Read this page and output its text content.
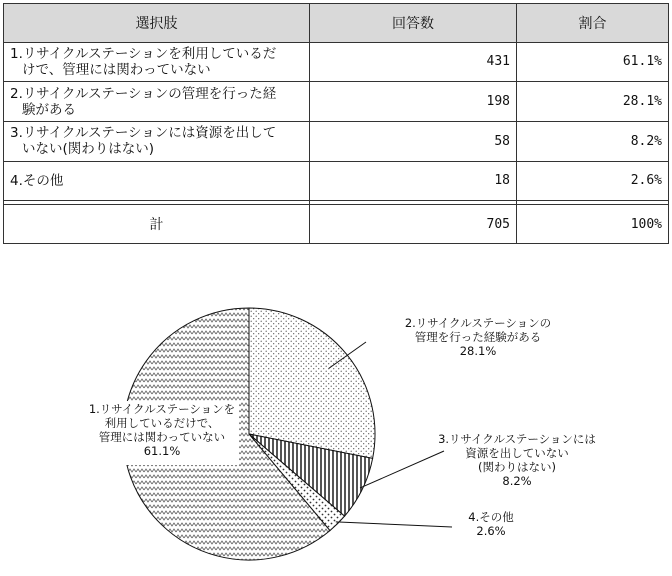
選択肢	回答数	割合
1.リサイクルステーションを利用しているだ
けで、管理には関わっていない	431	61.1%
2.リサイクルステーションの管理を行った経
験がある	198	28.1%
3.リサイクルステーションには資源を出して
いない(関わりはない)	58	8.2%
4.その他	18	2.6%

計	705	100%
2.リサイクルステーションの管理を行った経験がある 28.1%
3.リサイクルステーションには資源を出していない(関わりはない) 8.2%
4.その他 2.6%
1.リサイクルステーションを利用しているだけで、管理には関わっていない 61.1%
